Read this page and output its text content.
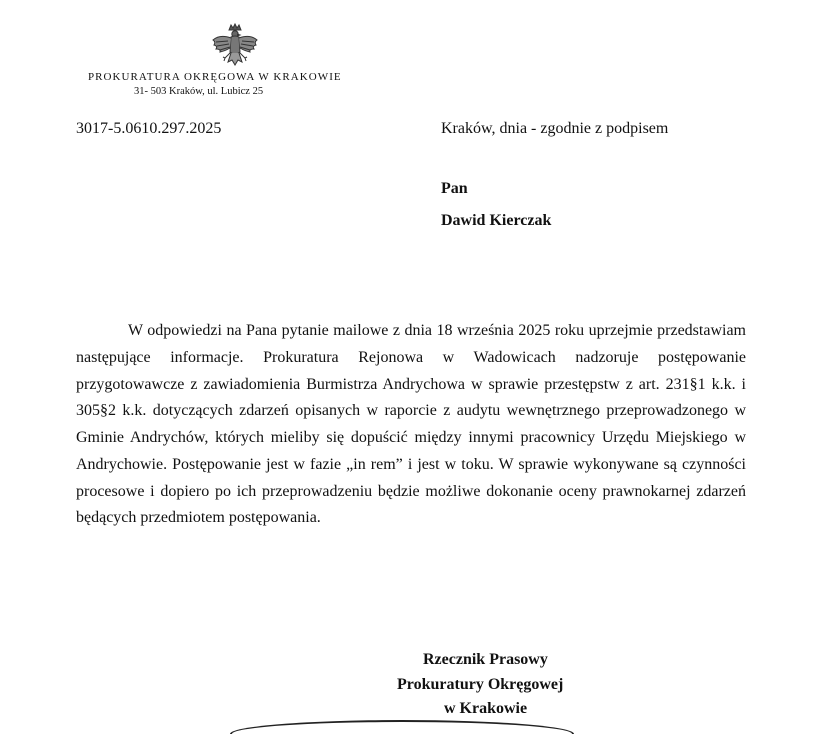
PROKURATURA OKRĘGOWA W KRAKOWIE
31- 503 Kraków, ul. Lubicz 25
3017-5.0610.297.2025	Kraków, dnia - zgodnie z podpisem
Pan
Dawid Kierczak

W odpowiedzi na Pana pytanie mailowe z dnia 18 września 2025 roku uprzejmie przedstawiam następujące informacje. Prokuratura Rejonowa w Wadowicach nadzoruje postępowanie przygotowawcze z zawiadomienia Burmistrza Andrychowa w sprawie przestępstw z art. 231§1 k.k. i 305§2 k.k. dotyczących zdarzeń opisanych w raporcie z audytu wewnętrznego przeprowadzonego w Gminie Andrychów, których mieliby się dopuścić między innymi pracownicy Urzędu Miejskiego w Andrychowie. Postępowanie jest w fazie „in rem” i jest w toku. W sprawie wykonywane są czynności procesowe i dopiero po ich przeprowadzeniu będzie możliwe dokonanie oceny prawnokarnej zdarzeń będących przedmiotem postępowania.

Rzecznik Prasowy
Prokuratury Okręgowej
w Krakowie
